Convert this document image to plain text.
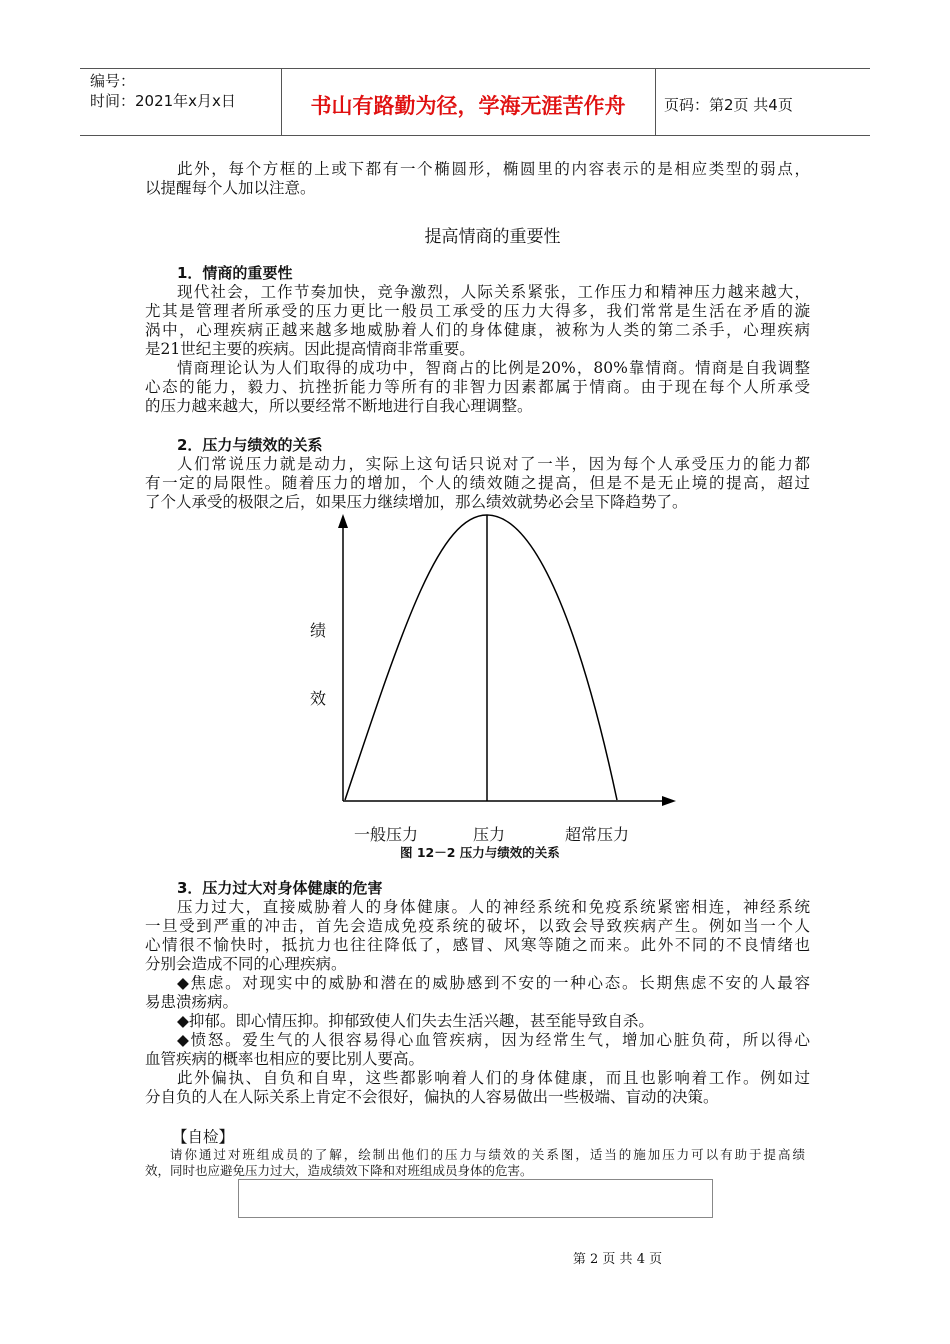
编号：
时间：2021年x月x日	书山有路勤为径，学海无涯苦作舟	页码：第2页 共4页
此外，每个方框的上或下都有一个椭圆形，椭圆里的内容表示的是相应类型的弱点，
以提醒每个人加以注意。
提高情商的重要性
1．情商的重要性
现代社会，工作节奏加快，竞争激烈，人际关系紧张，工作压力和精神压力越来越大，
尤其是管理者所承受的压力更比一般员工承受的压力大得多，我们常常是生活在矛盾的漩
涡中，心理疾病正越来越多地威胁着人们的身体健康，被称为人类的第二杀手，心理疾病
是21世纪主要的疾病。因此提高情商非常重要。
情商理论认为人们取得的成功中，智商占的比例是20%，80%靠情商。情商是自我调整
心态的能力，毅力、抗挫折能力等所有的非智力因素都属于情商。由于现在每个人所承受
的压力越来越大，所以要经常不断地进行自我心理调整。
2．压力与绩效的关系
人们常说压力就是动力，实际上这句话只说对了一半，因为每个人承受压力的能力都
有一定的局限性。随着压力的增加，个人的绩效随之提高，但是不是无止境的提高，超过
了个人承受的极限之后，如果压力继续增加，那么绩效就势必会呈下降趋势了。
绩
效
一般压力	压力	超常压力
图 12－2 压力与绩效的关系
3．压力过大对身体健康的危害
压力过大，直接威胁着人的身体健康。人的神经系统和免疫系统紧密相连，神经系统
一旦受到严重的冲击，首先会造成免疫系统的破坏，以致会导致疾病产生。例如当一个人
心情很不愉快时，抵抗力也往往降低了，感冒、风寒等随之而来。此外不同的不良情绪也
分别会造成不同的心理疾病。
◆焦虑。对现实中的威胁和潜在的威胁感到不安的一种心态。长期焦虑不安的人最容
易患溃疡病。
◆抑郁。即心情压抑。抑郁致使人们失去生活兴趣，甚至能导致自杀。
◆愤怒。爱生气的人很容易得心血管疾病，因为经常生气，增加心脏负荷，所以得心
血管疾病的概率也相应的要比别人要高。
此外偏执、自负和自卑，这些都影响着人们的身体健康，而且也影响着工作。例如过
分自负的人在人际关系上肯定不会很好，偏执的人容易做出一些极端、盲动的决策。
【自检】
请你通过对班组成员的了解，绘制出他们的压力与绩效的关系图，适当的施加压力可以有助于提高绩
效，同时也应避免压力过大，造成绩效下降和对班组成员身体的危害。
第 2 页 共 4 页
